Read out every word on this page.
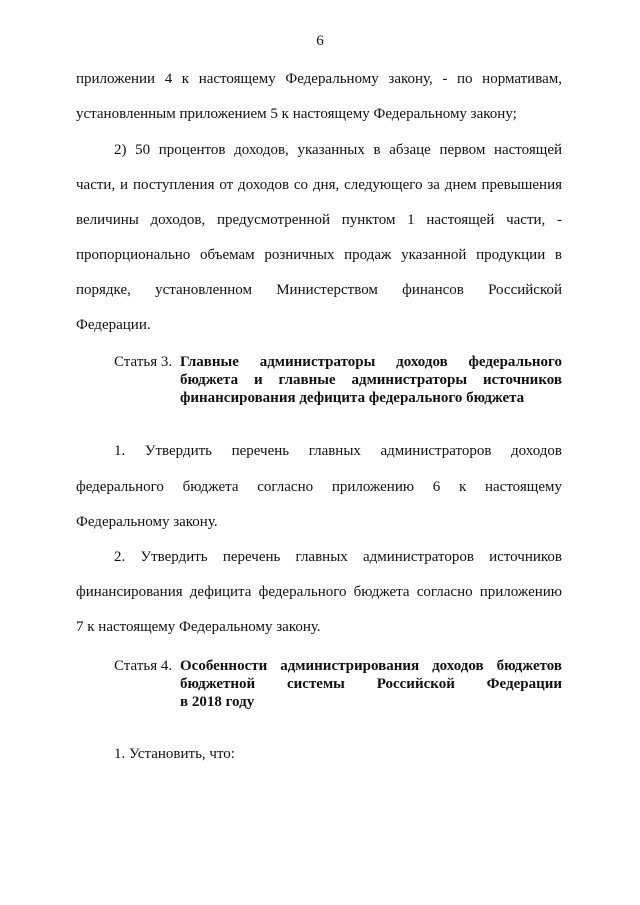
6
приложении 4 к настоящему Федеральному закону, - по нормативам,
установленным приложением 5 к настоящему Федеральному закону;
2) 50 процентов доходов, указанных в абзаце первом настоящей
части, и поступления от доходов со дня, следующего за днем превышения
величины доходов, предусмотренной пунктом 1 настоящей части, -
пропорционально объемам розничных продаж указанной продукции в
порядке, установленном Министерством финансов Российской
Федерации.
Статья 3. Главные администраторы доходов федерального
бюджета и главные администраторы источников
финансирования дефицита федерального бюджета
1. Утвердить перечень главных администраторов доходов
федерального бюджета согласно приложению 6 к настоящему
Федеральному закону.
2. Утвердить перечень главных администраторов источников
финансирования дефицита федерального бюджета согласно приложению
7 к настоящему Федеральному закону.
Статья 4. Особенности администрирования доходов бюджетов
бюджетной системы Российской Федерации
в 2018 году
1. Установить, что:
